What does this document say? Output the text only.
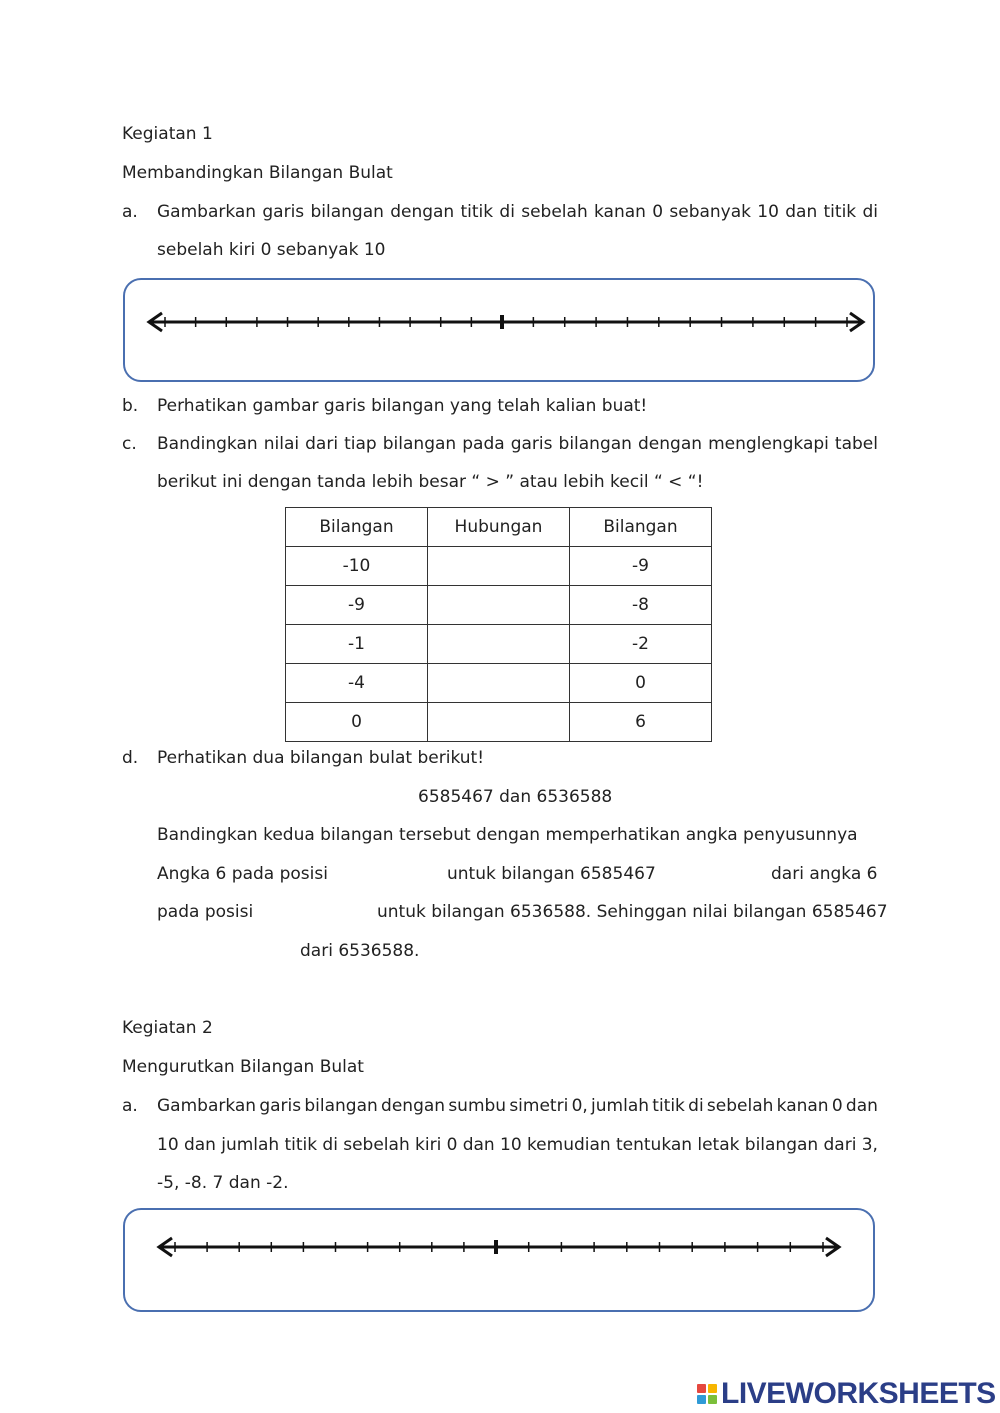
Kegiatan 1
Membandingkan Bilangan Bulat
a. Gambarkan garis bilangan dengan titik di sebelah kanan 0 sebanyak 10 dan titik di
sebelah kiri 0 sebanyak 10
b. Perhatikan gambar garis bilangan yang telah kalian buat!
c. Bandingkan nilai dari tiap bilangan pada garis bilangan dengan menglengkapi tabel
berikut ini dengan tanda lebih besar “ > ” atau lebih kecil “ < “!
Bilangan	Hubungan	Bilangan
-10		-9
-9		-8
-1		-2
-4		0
0		6
d. Perhatikan dua bilangan bulat berikut!
6585467 dan 6536588
Bandingkan kedua bilangan tersebut dengan memperhatikan angka penyusunnya
Angka 6 pada posisi	untuk bilangan 6585467	dari angka 6
pada posisi	untuk bilangan 6536588. Sehinggan nilai bilangan 6585467
dari 6536588.
Kegiatan 2
Mengurutkan Bilangan Bulat
a. Gambarkan garis bilangan dengan sumbu simetri 0, jumlah titik di sebelah kanan 0 dan
10 dan jumlah titik di sebelah kiri 0 dan 10 kemudian tentukan letak bilangan dari 3,
-5, -8. 7 dan -2.
LIVEWORKSHEETS
